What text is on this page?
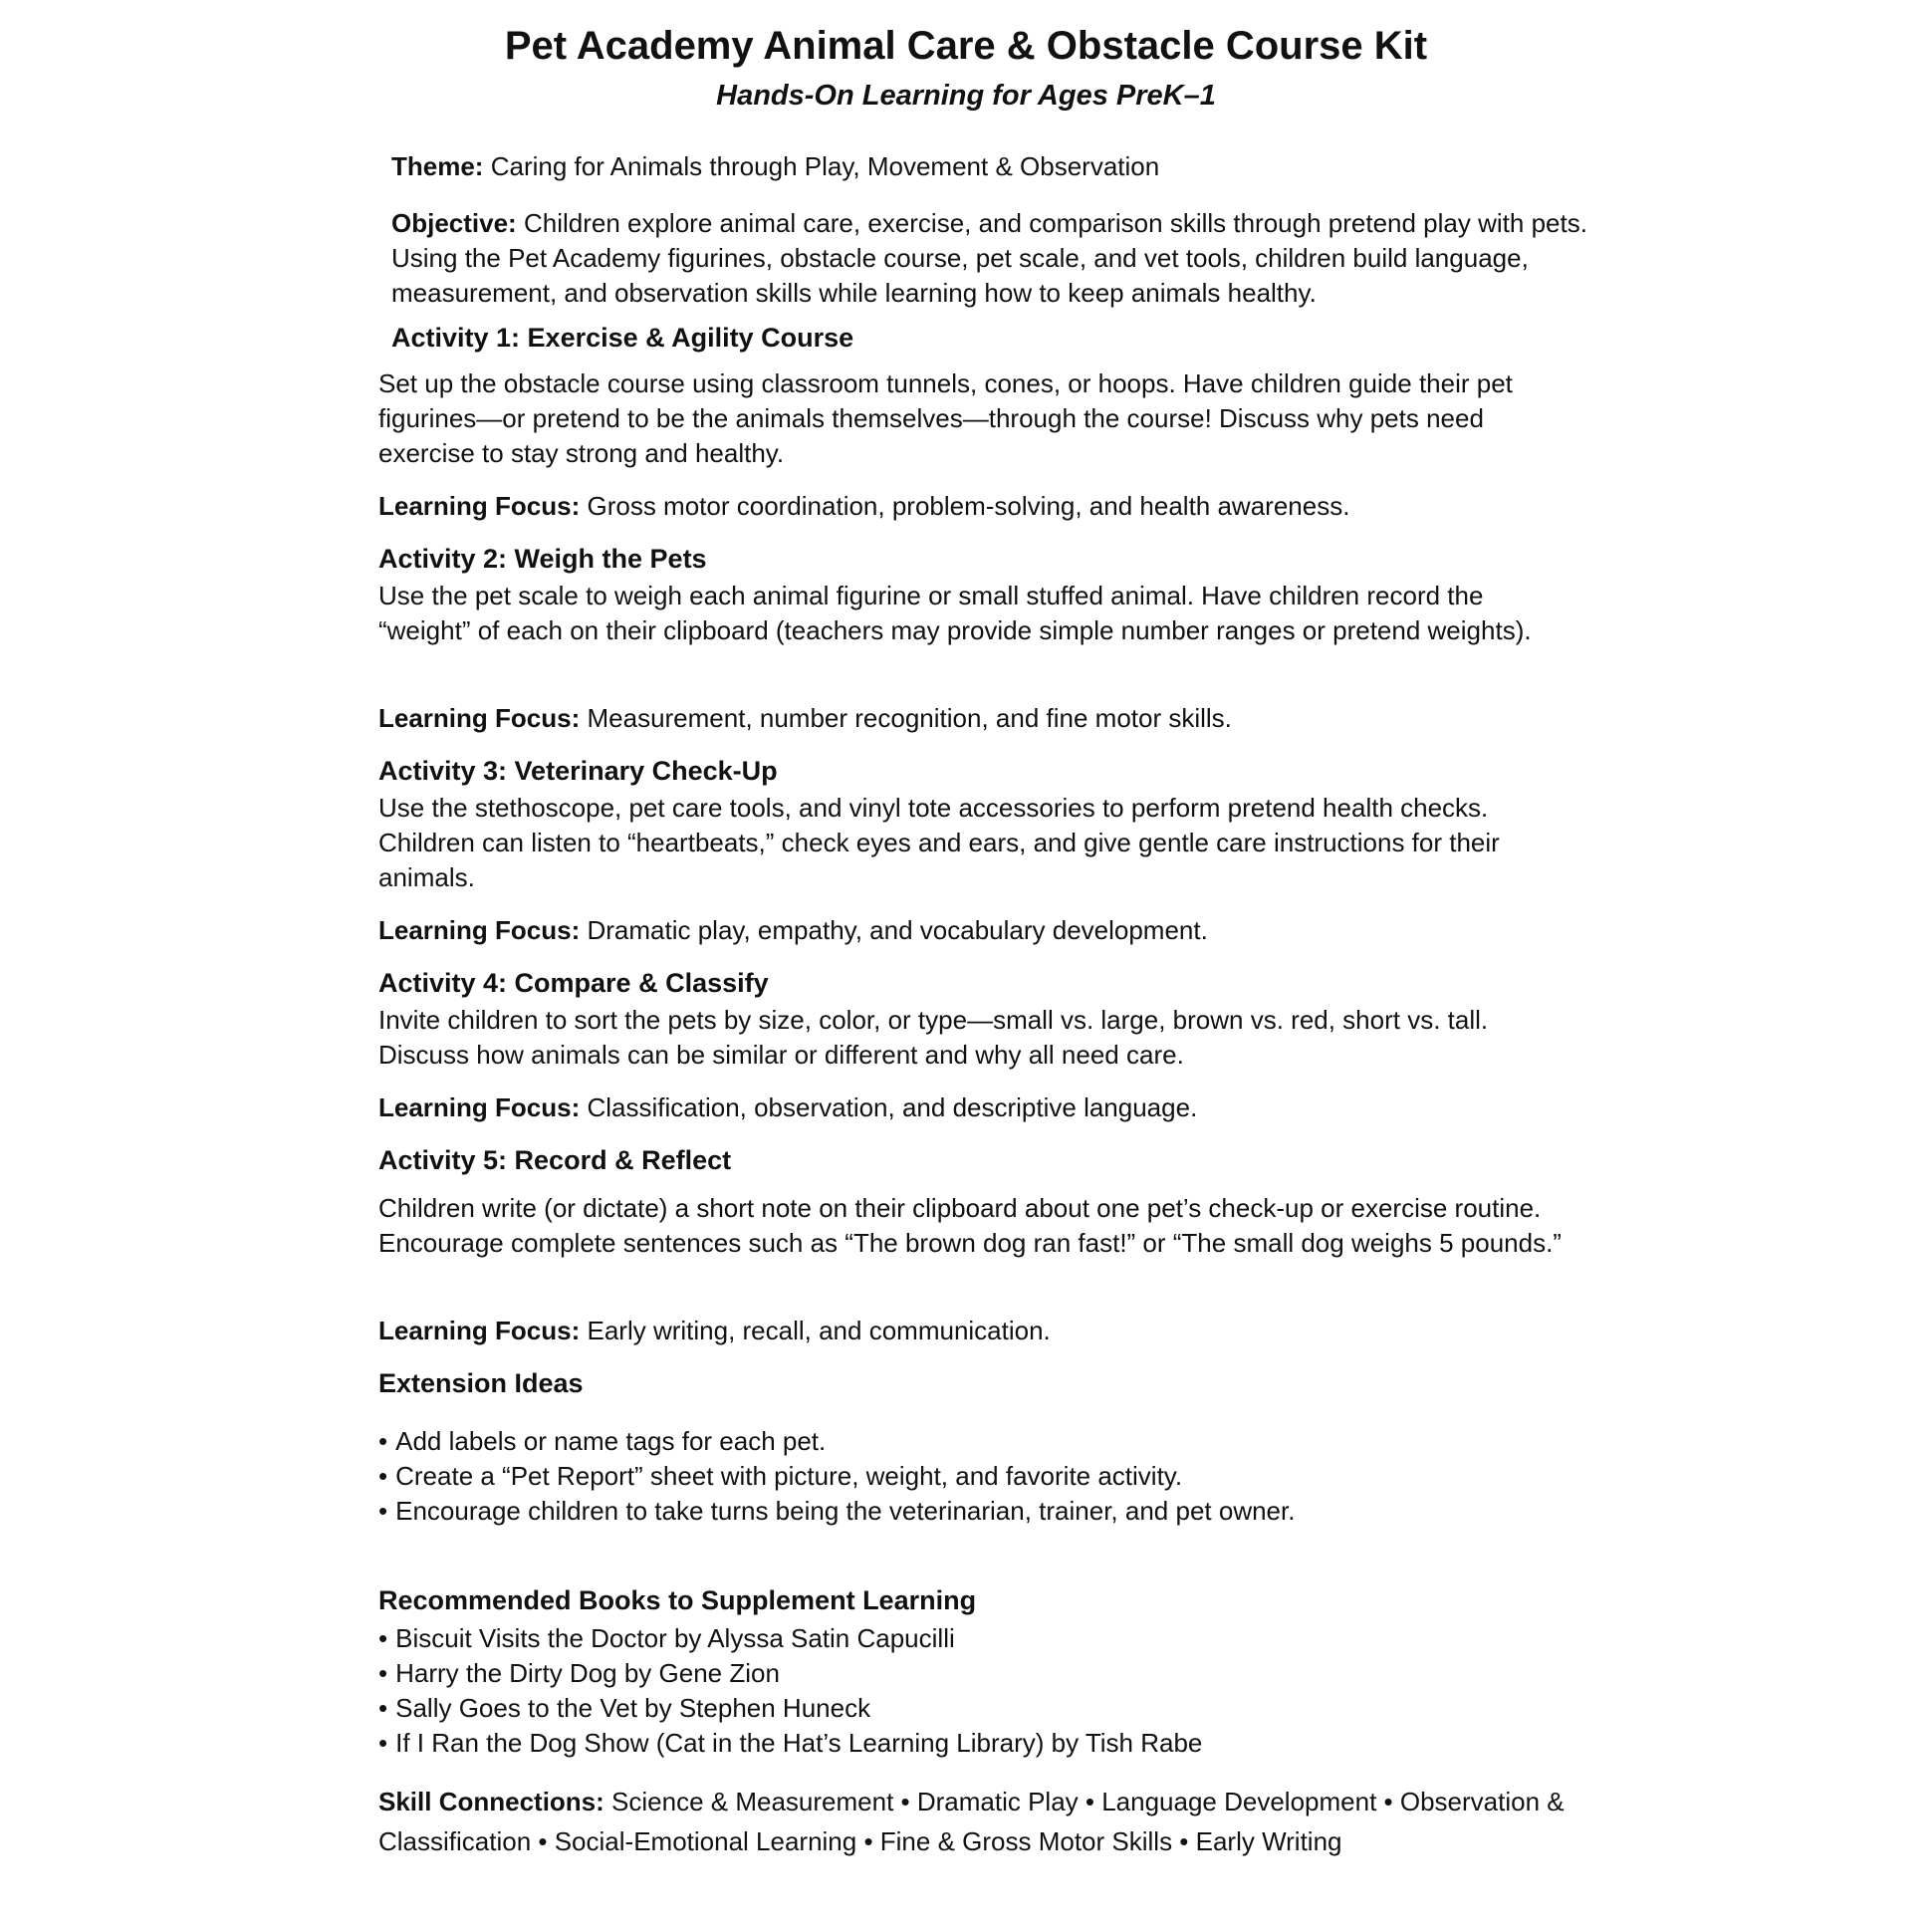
Pet Academy Animal Care & Obstacle Course Kit
Hands-On Learning for Ages PreK–1

Theme: Caring for Animals through Play, Movement & Observation

Objective: Children explore animal care, exercise, and comparison skills through pretend play with pets. Using the Pet Academy figurines, obstacle course, pet scale, and vet tools, children build language, measurement, and observation skills while learning how to keep animals healthy.

Activity 1: Exercise & Agility Course

Set up the obstacle course using classroom tunnels, cones, or hoops. Have children guide their pet figurines—or pretend to be the animals themselves—through the course! Discuss why pets need exercise to stay strong and healthy.

Learning Focus: Gross motor coordination, problem-solving, and health awareness.

Activity 2: Weigh the Pets

Use the pet scale to weigh each animal figurine or small stuffed animal. Have children record the “weight” of each on their clipboard (teachers may provide simple number ranges or pretend weights).

Learning Focus: Measurement, number recognition, and fine motor skills.

Activity 3: Veterinary Check-Up

Use the stethoscope, pet care tools, and vinyl tote accessories to perform pretend health checks. Children can listen to “heartbeats,” check eyes and ears, and give gentle care instructions for their animals.

Learning Focus: Dramatic play, empathy, and vocabulary development.

Activity 4: Compare & Classify

Invite children to sort the pets by size, color, or type—small vs. large, brown vs. red, short vs. tall. Discuss how animals can be similar or different and why all need care.

Learning Focus: Classification, observation, and descriptive language.

Activity 5: Record & Reflect

Children write (or dictate) a short note on their clipboard about one pet’s check-up or exercise routine. Encourage complete sentences such as “The brown dog ran fast!” or “The small dog weighs 5 pounds.”

Learning Focus: Early writing, recall, and communication.

Extension Ideas
• Add labels or name tags for each pet.
• Create a “Pet Report” sheet with picture, weight, and favorite activity.
• Encourage children to take turns being the veterinarian, trainer, and pet owner.
Recommended Books to Supplement Learning
• Biscuit Visits the Doctor by Alyssa Satin Capucilli
• Harry the Dirty Dog by Gene Zion
• Sally Goes to the Vet by Stephen Huneck
• If I Ran the Dog Show (Cat in the Hat’s Learning Library) by Tish Rabe

Skill Connections: Science & Measurement • Dramatic Play • Language Development • Observation & Classification • Social-Emotional Learning • Fine & Gross Motor Skills • Early Writing
